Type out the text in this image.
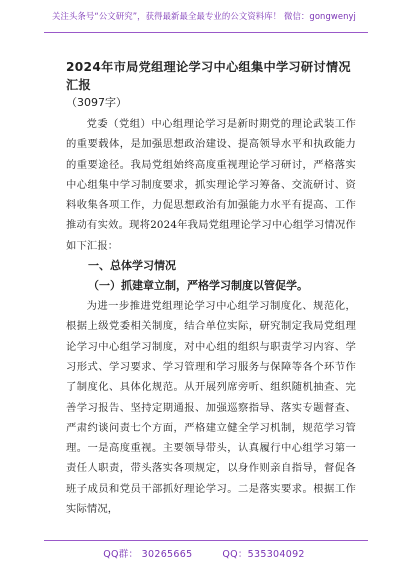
关注头条号“公文研究”，获得最新最全最专业的公文资料库！ 微信：gongwenyj

2024年市局党组理论学习中心组集中学习研讨情况汇报

（3097字）

党委（党组）中心组理论学习是新时期党的理论武装工作的重要载体，是加强思想政治建设、提高领导水平和执政能力的重要途径。我局党组始终高度重视理论学习研讨，严格落实中心组集中学习制度要求，抓实理论学习筹备、交流研讨、资料收集各项工作，力促思想政治有加强能力水平有提高、工作推动有实效。现将2024年我局党组理论学习中心组学习情况作如下汇报：

一、总体学习情况

（一）抓建章立制，严格学习制度以管促学。

为进一步推进党组理论学习中心组学习制度化、规范化，根据上级党委相关制度，结合单位实际，研究制定我局党组理论学习中心组学习制度，对中心组的组织与职责学习内容、学习形式、学习要求、学习管理和学习服务与保障等各个环节作了制度化、具体化规范。从开展列席旁听、组织随机抽查、完善学习报告、坚持定期通报、加强巡察指导、落实专题督查、严肃约谈问责七个方面，严格建立健全学习机制，规范学习管理。一是高度重视。主要领导带头，认真履行中心组学习第一责任人职责，带头落实各项规定，以身作则亲自指导，督促各班子成员和党员干部抓好理论学习。二是落实要求。根据工作实际情况，

QQ群： 30265665	QQ：535304092
